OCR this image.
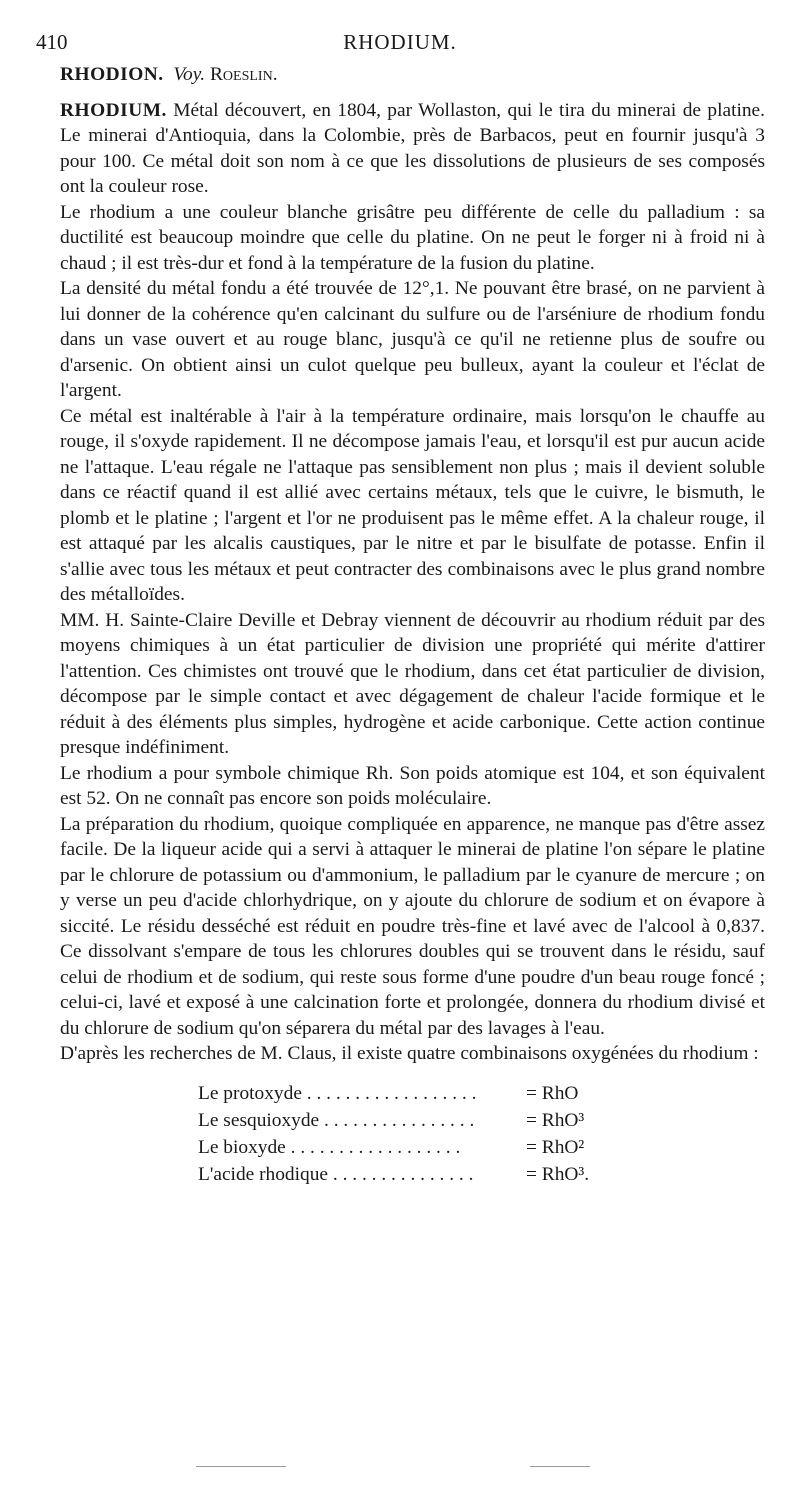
410	RHODIUM.
RHODION. Voy. Roeslin.

RHODIUM. Métal découvert, en 1804, par Wollaston, qui le tira du minerai de platine. Le minerai d'Antioquia, dans la Colombie, près de Barbacos, peut en fournir jusqu'à 3 pour 100. Ce métal doit son nom à ce que les dissolutions de plusieurs de ses composés ont la couleur rose.

Le rhodium a une couleur blanche grisâtre peu différente de celle du palladium : sa ductilité est beaucoup moindre que celle du platine. On ne peut le forger ni à froid ni à chaud ; il est très-dur et fond à la température de la fusion du platine.

La densité du métal fondu a été trouvée de 12°,1. Ne pouvant être brasé, on ne parvient à lui donner de la cohérence qu'en calcinant du sulfure ou de l'arséniure de rhodium fondu dans un vase ouvert et au rouge blanc, jusqu'à ce qu'il ne retienne plus de soufre ou d'arsenic. On obtient ainsi un culot quelque peu bulleux, ayant la couleur et l'éclat de l'argent.

Ce métal est inaltérable à l'air à la température ordinaire, mais lorsqu'on le chauffe au rouge, il s'oxyde rapidement. Il ne décompose jamais l'eau, et lorsqu'il est pur aucun acide ne l'attaque. L'eau régale ne l'attaque pas sensiblement non plus ; mais il devient soluble dans ce réactif quand il est allié avec certains métaux, tels que le cuivre, le bismuth, le plomb et le platine ; l'argent et l'or ne produisent pas le même effet. A la chaleur rouge, il est attaqué par les alcalis caustiques, par le nitre et par le bisulfate de potasse. Enfin il s'allie avec tous les métaux et peut contracter des combinaisons avec le plus grand nombre des métalloïdes.

MM. H. Sainte-Claire Deville et Debray viennent de découvrir au rhodium réduit par des moyens chimiques à un état particulier de division une propriété qui mérite d'attirer l'attention. Ces chimistes ont trouvé que le rhodium, dans cet état particulier de division, décompose par le simple contact et avec dégagement de chaleur l'acide formique et le réduit à des éléments plus simples, hydrogène et acide carbonique. Cette action continue presque indéfiniment.

Le rhodium a pour symbole chimique Rh. Son poids atomique est 104, et son équivalent est 52. On ne connaît pas encore son poids moléculaire.

La préparation du rhodium, quoique compliquée en apparence, ne manque pas d'être assez facile. De la liqueur acide qui a servi à attaquer le minerai de platine l'on sépare le platine par le chlorure de potassium ou d'ammonium, le palladium par le cyanure de mercure ; on y verse un peu d'acide chlorhydrique, on y ajoute du chlorure de sodium et on évapore à siccité. Le résidu desséché est réduit en poudre très-fine et lavé avec de l'alcool à 0,837. Ce dissolvant s'empare de tous les chlorures doubles qui se trouvent dans le résidu, sauf celui de rhodium et de sodium, qui reste sous forme d'une poudre d'un beau rouge foncé ; celui-ci, lavé et exposé à une calcination forte et prolongée, donnera du rhodium divisé et du chlorure de sodium qu'on séparera du métal par des lavages à l'eau.

D'après les recherches de M. Claus, il existe quatre combinaisons oxygénées du rhodium :

Le protoxyde . . . . . . . . . . . . . . . . . .	= RhO
Le sesquioxyde . . . . . . . . . . . . . . . .	= RhO³
Le bioxyde . . . . . . . . . . . . . . . . . .	= RhO²
L'acide rhodique . . . . . . . . . . . . . . .	= RhO³.
